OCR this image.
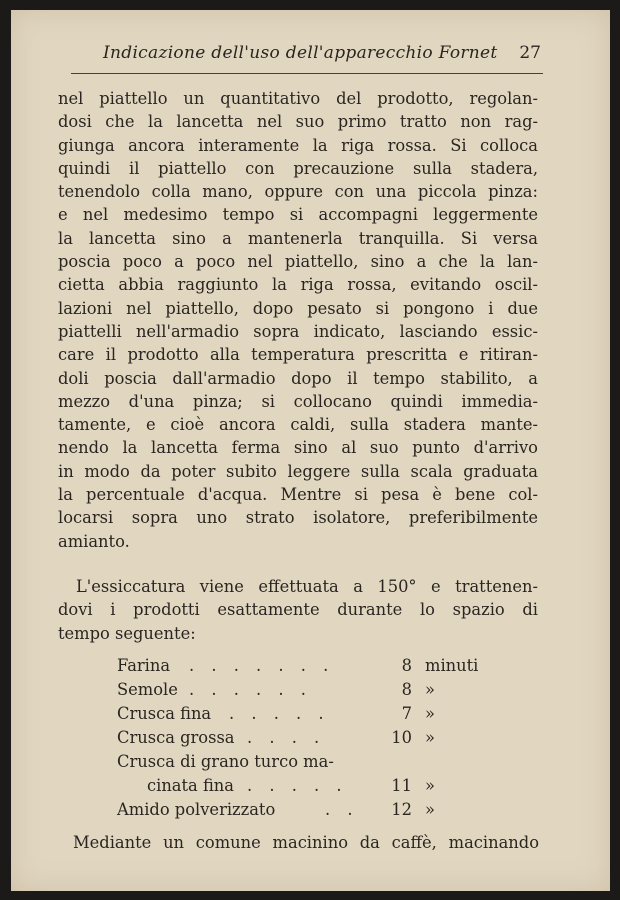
Indicazione dell'uso dell'apparecchio Fornet 27
nel piattello un quantitativo del prodotto, regolan-
dosi che la lancetta nel suo primo tratto non rag-
giunga ancora interamente la riga rossa. Si colloca
quindi il piattello con precauzione sulla stadera,
tenendolo colla mano, oppure con una piccola pinza:
e nel medesimo tempo si accompagni leggermente
la lancetta sino a mantenerla tranquilla. Si versa
poscia poco a poco nel piattello, sino a che la lan-
cietta abbia raggiunto la riga rossa, evitando oscil-
lazioni nel piattello, dopo pesato si pongono i due
piattelli nell'armadio sopra indicato, lasciando essic-
care il prodotto alla temperatura prescritta e ritiran-
doli poscia dall'armadio dopo il tempo stabilito, a
mezzo d'una pinza; si collocano quindi immedia-
tamente, e cioè ancora caldi, sulla stadera mante-
nendo la lancetta ferma sino al suo punto d'arrivo
in modo da poter subito leggere sulla scala graduata
la percentuale d'acqua. Mentre si pesa è bene col-
locarsi sopra uno strato isolatore, preferibilmente
amianto.
L'essiccatura viene effettuata a 150° e trattenen-
dovi i prodotti esattamente durante lo spazio di
tempo seguente:
Farina . . . . . . .	8 minuti
Semole . . . . . .	8 »
Crusca fina . . . . .	7 »
Crusca grossa . . . .	10 »
Crusca di grano turco ma-
cinata fina . . . . .	11 »
Amido polverizzato	. .	12 »
Mediante un comune macinino da caffè, macinando
